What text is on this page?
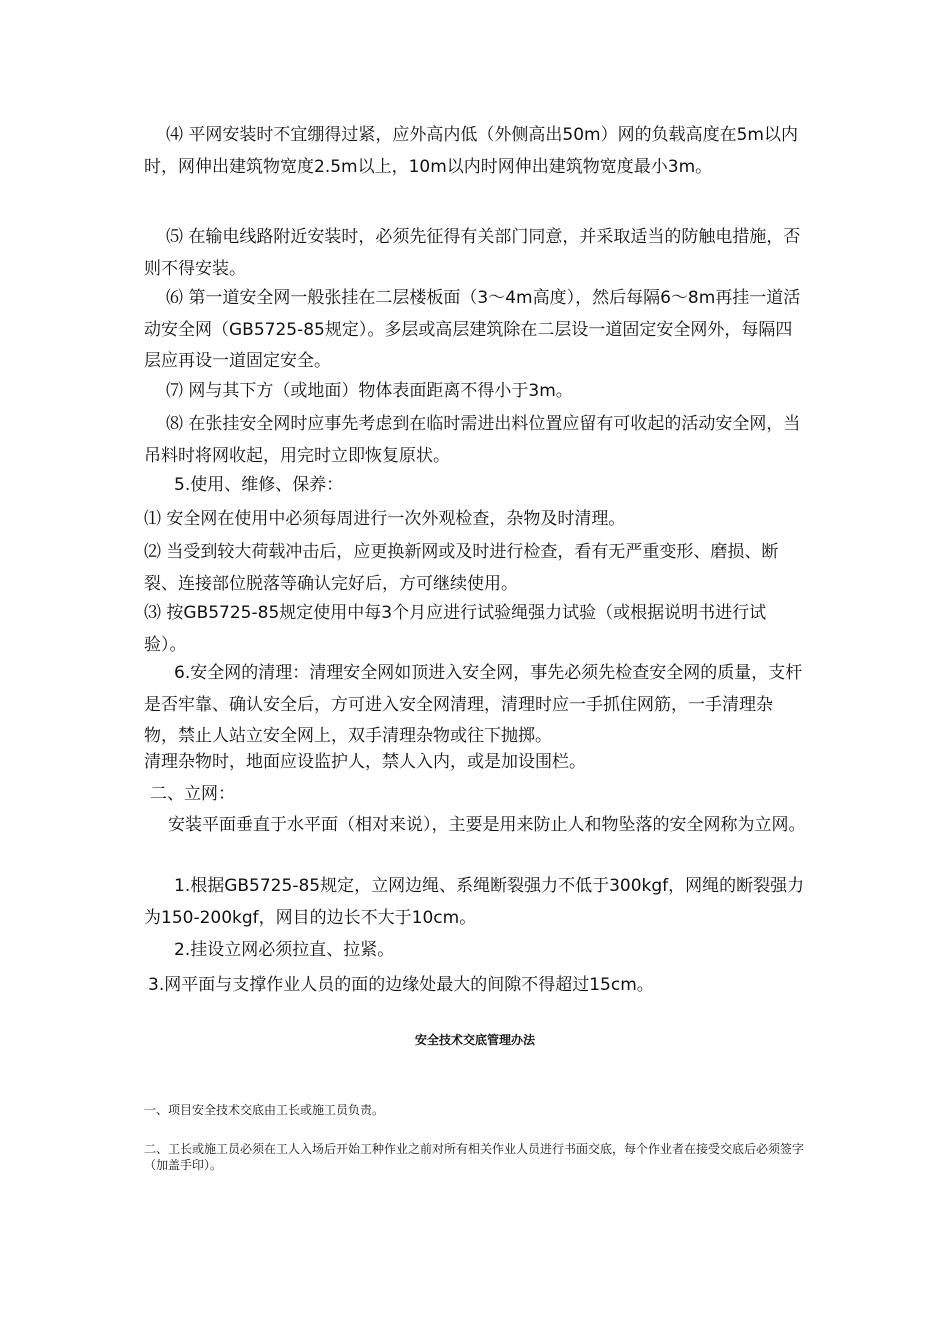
⑷ 平网安装时不宜绷得过紧，应外高内低（外侧高出50m）网的负载高度在5m以内时，网伸出建筑物宽度2.5m以上，10m以内时网伸出建筑物宽度最小3m。

⑸ 在输电线路附近安装时，必须先征得有关部门同意，并采取适当的防触电措施，否则不得安装。

⑹ 第一道安全网一般张挂在二层楼板面（3～4m高度），然后每隔6～8m再挂一道活动安全网（GB5725-85规定）。多层或高层建筑除在二层设一道固定安全网外，每隔四层应再设一道固定安全。

⑺ 网与其下方（或地面）物体表面距离不得小于3m。

⑻ 在张挂安全网时应事先考虑到在临时需进出料位置应留有可收起的活动安全网，当吊料时将网收起，用完时立即恢复原状。

5.使用、维修、保养：

⑴ 安全网在使用中必须每周进行一次外观检查，杂物及时清理。

⑵ 当受到较大荷载冲击后，应更换新网或及时进行检查，看有无严重变形、磨损、断裂、连接部位脱落等确认完好后，方可继续使用。

⑶ 按GB5725-85规定使用中每3个月应进行试验绳强力试验（或根据说明书进行试验）。

6.安全网的清理：清理安全网如顶进入安全网，事先必须先检查安全网的质量，支杆是否牢靠、确认安全后，方可进入安全网清理，清理时应一手抓住网筋，一手清理杂物，禁止人站立安全网上，双手清理杂物或往下抛掷。

清理杂物时，地面应设监护人，禁人入内，或是加设围栏。

二、立网：

安装平面垂直于水平面（相对来说），主要是用来防止人和物坠落的安全网称为立网。

1.根据GB5725-85规定，立网边绳、系绳断裂强力不低于300kgf，网绳的断裂强力为150-200kgf，网目的边长不大于10cm。

2.挂设立网必须拉直、拉紧。

3.网平面与支撑作业人员的面的边缘处最大的间隙不得超过15cm。

安全技术交底管理办法

一、项目安全技术交底由工长或施工员负责。

二、工长或施工员必须在工人入场后开始工种作业之前对所有相关作业人员进行书面交底，每个作业者在接受交底后必须签字（加盖手印）。
